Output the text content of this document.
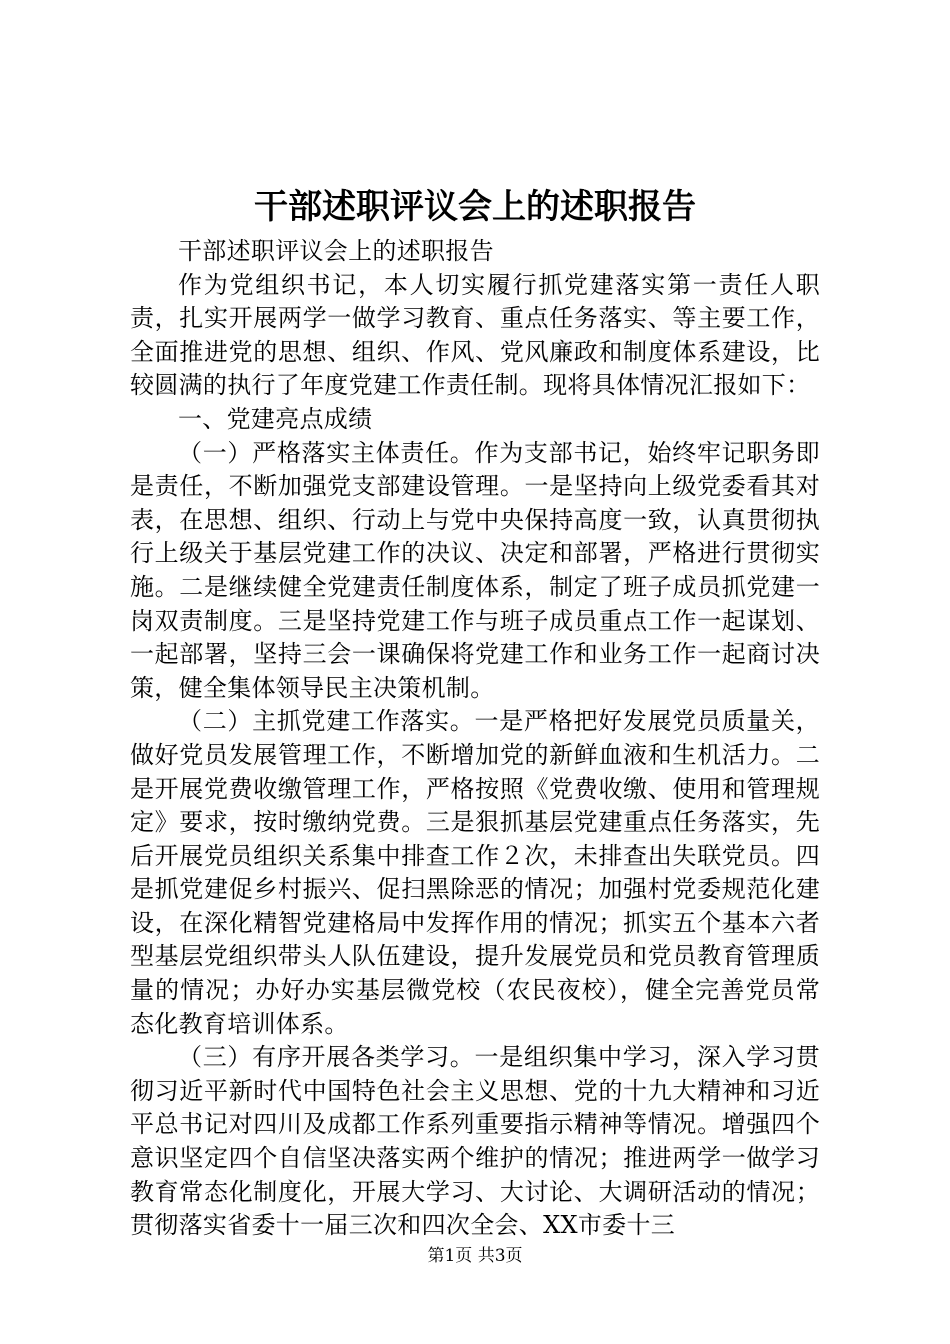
干部述职评议会上的述职报告

干部述职评议会上的述职报告

作为党组织书记，本人切实履行抓党建落实第一责任人职责，扎实开展两学一做学习教育、重点任务落实、等主要工作，全面推进党的思想、组织、作风、党风廉政和制度体系建设，比较圆满的执行了年度党建工作责任制。现将具体情况汇报如下：

一、党建亮点成绩

（一）严格落实主体责任。作为支部书记，始终牢记职务即是责任，不断加强党支部建设管理。一是坚持向上级党委看其对表，在思想、组织、行动上与党中央保持高度一致，认真贯彻执行上级关于基层党建工作的决议、决定和部署，严格进行贯彻实施。二是继续健全党建责任制度体系，制定了班子成员抓党建一岗双责制度。三是坚持党建工作与班子成员重点工作一起谋划、一起部署，坚持三会一课确保将党建工作和业务工作一起商讨决策，健全集体领导民主决策机制。

（二）主抓党建工作落实。一是严格把好发展党员质量关，做好党员发展管理工作，不断增加党的新鲜血液和生机活力。二是开展党费收缴管理工作，严格按照《党费收缴、使用和管理规定》要求，按时缴纳党费。三是狠抓基层党建重点任务落实，先后开展党员组织关系集中排查工作２次，未排查出失联党员。四是抓党建促乡村振兴、促扫黑除恶的情况；加强村党委规范化建设，在深化精智党建格局中发挥作用的情况；抓实五个基本六者型基层党组织带头人队伍建设，提升发展党员和党员教育管理质量的情况；办好办实基层微党校（农民夜校），健全完善党员常态化教育培训体系。

（三）有序开展各类学习。一是组织集中学习，深入学习贯彻习近平新时代中国特色社会主义思想、党的十九大精神和习近平总书记对四川及成都工作系列重要指示精神等情况。增强四个意识坚定四个自信坚决落实两个维护的情况；推进两学一做学习教育常态化制度化，开展大学习、大讨论、大调研活动的情况；贯彻落实省委十一届三次和四次全会、XX市委十三

第1页 共3页
